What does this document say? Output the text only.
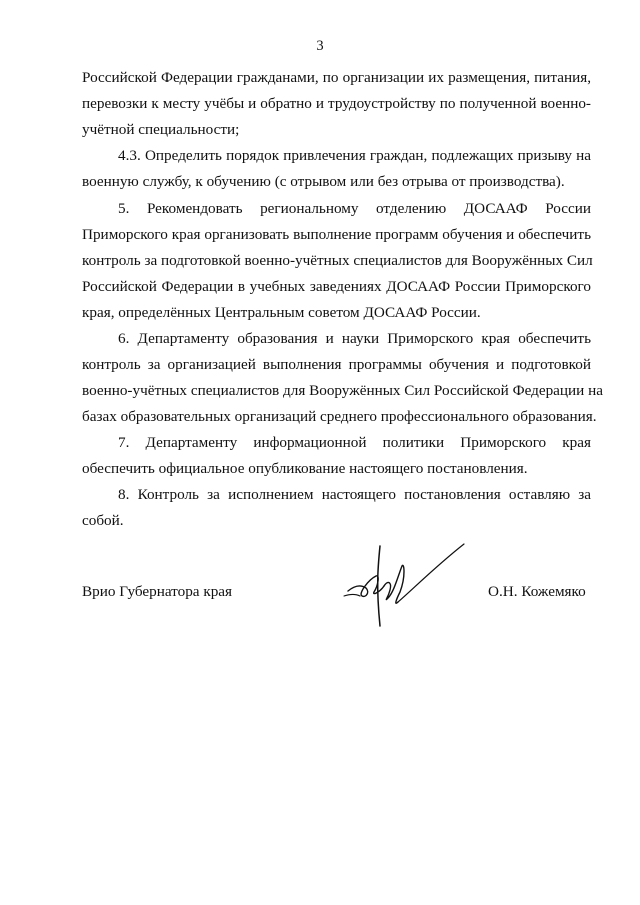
3
Российской Федерации гражданами, по организации их размещения, питания,
перевозки к месту учёбы и обратно и трудоустройству по полученной военно-
учётной специальности;
4.3. Определить порядок привлечения граждан, подлежащих призыву на
военную службу, к обучению (с отрывом или без отрыва от производства).
5. Рекомендовать региональному отделению ДОСААФ России
Приморского края организовать выполнение программ обучения и обеспечить
контроль за подготовкой военно-учётных специалистов для Вооружённых Сил
Российской Федерации в учебных заведениях ДОСААФ России Приморского
края, определённых Центральным советом ДОСААФ России.
6. Департаменту образования и науки Приморского края обеспечить
контроль за организацией выполнения программы обучения и подготовкой
военно-учётных специалистов для Вооружённых Сил Российской Федерации на
базах образовательных организаций среднего профессионального образования.
7. Департаменту информационной политики Приморского края
обеспечить официальное опубликование настоящего постановления.
8. Контроль за исполнением настоящего постановления оставляю за
собой.
Врио Губернатора края	О.Н. Кожемяко
